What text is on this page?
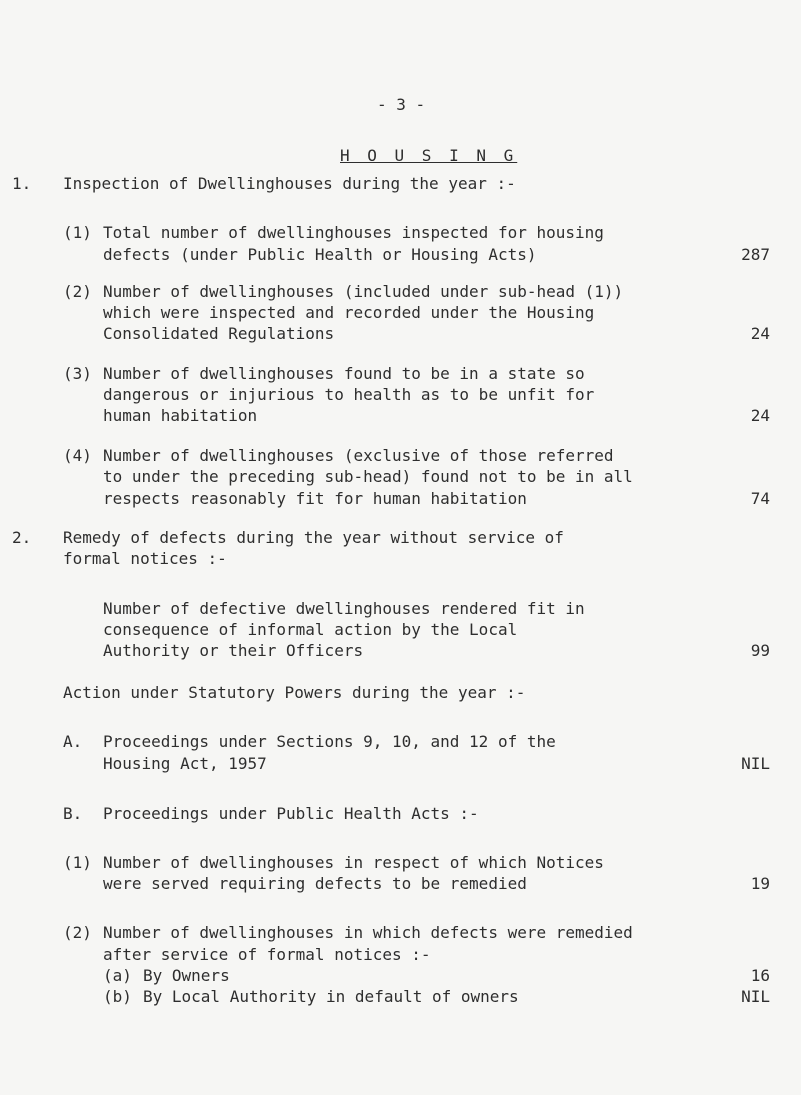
- 3 -
H O U S I N G
1. Inspection of Dwellinghouses during the year :-
(1) Total number of dwellinghouses inspected for housing
defects (under Public Health or Housing Acts)	287
(2) Number of dwellinghouses (included under sub-head (1))
which were inspected and recorded under the Housing
Consolidated Regulations	24
(3) Number of dwellinghouses found to be in a state so
dangerous or injurious to health as to be unfit for
human habitation	24
(4) Number of dwellinghouses (exclusive of those referred
to under the preceding sub-head) found not to be in all
respects reasonably fit for human habitation	74
2. Remedy of defects during the year without service of
formal notices :-
Number of defective dwellinghouses rendered fit in
consequence of informal action by the Local
Authority or their Officers	99
Action under Statutory Powers during the year :-
A. Proceedings under Sections 9, 10, and 12 of the
Housing Act, 1957	NIL
B. Proceedings under Public Health Acts :-
(1) Number of dwellinghouses in respect of which Notices
were served requiring defects to be remedied	19
(2) Number of dwellinghouses in which defects were remedied
after service of formal notices :-
(a) By Owners	16
(b) By Local Authority in default of owners	NIL
